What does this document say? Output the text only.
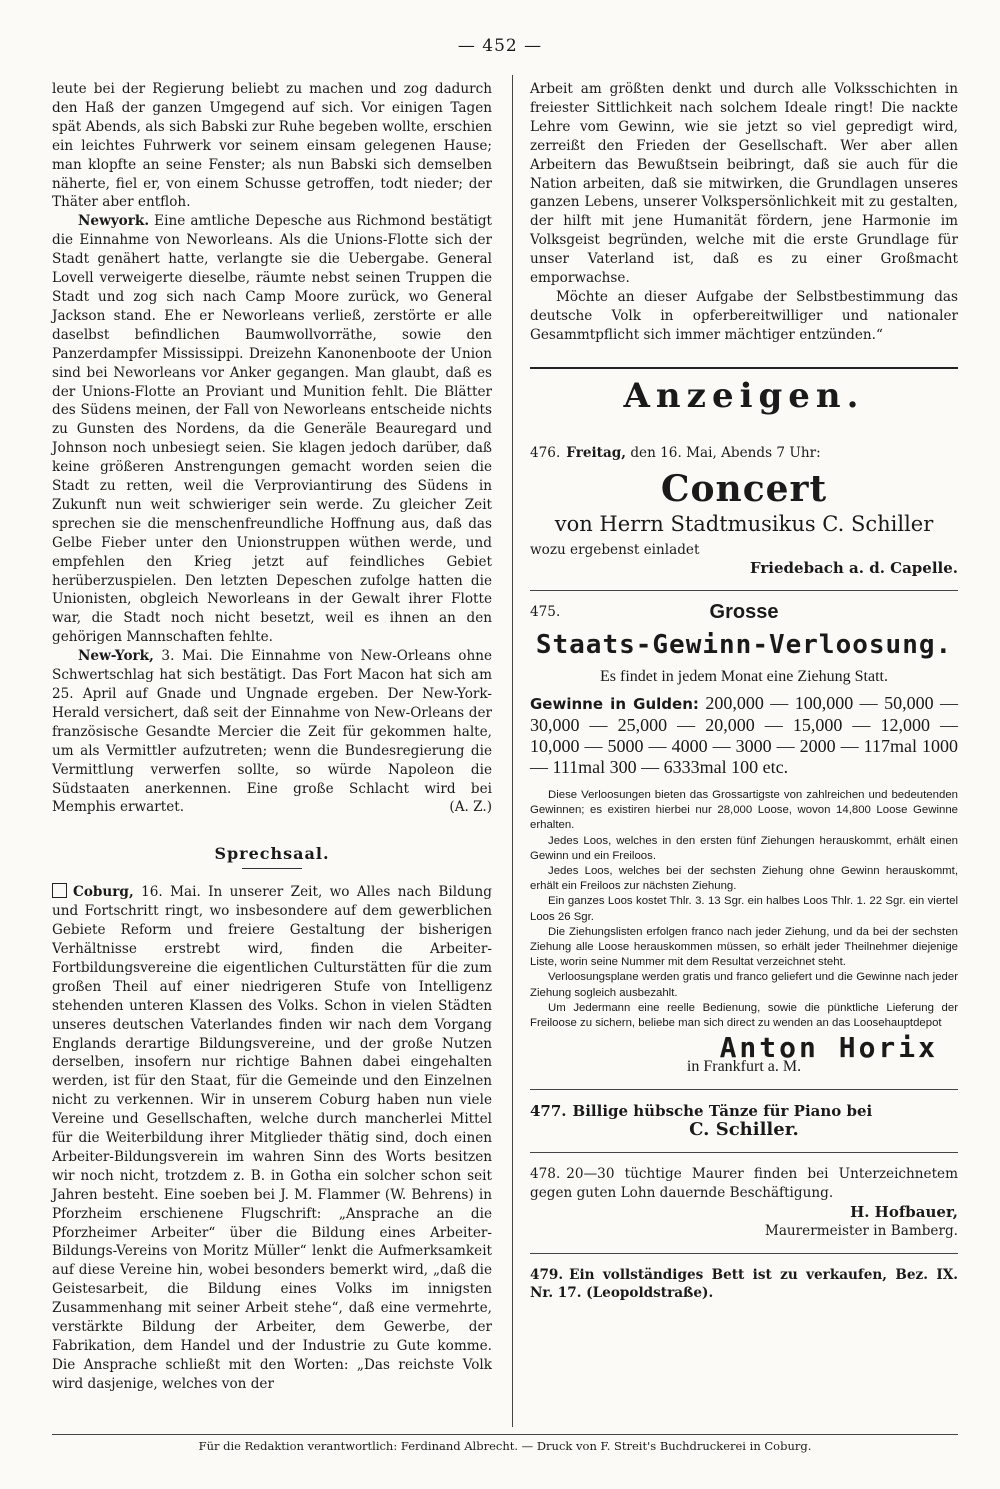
— 452 —

leute bei der Regierung beliebt zu machen und zog dadurch den Haß der ganzen Umgegend auf sich. Vor einigen Tagen spät Abends, als sich Babski zur Ruhe begeben wollte, erschien ein leichtes Fuhrwerk vor seinem einsam gelegenen Hause; man klopfte an seine Fenster; als nun Babski sich demselben näherte, fiel er, von einem Schusse getroffen, todt nieder; der Thäter aber entfloh.

Newyork. Eine amtliche Depesche aus Richmond bestätigt die Einnahme von Neworleans. Als die Unions-Flotte sich der Stadt genähert hatte, verlangte sie die Uebergabe. General Lovell verweigerte dieselbe, räumte nebst seinen Truppen die Stadt und zog sich nach Camp Moore zurück, wo General Jackson stand. Ehe er Neworleans verließ, zerstörte er alle daselbst befindlichen Baumwollvorräthe, sowie den Panzerdampfer Mississippi. Dreizehn Kanonenboote der Union sind bei Neworleans vor Anker gegangen. Man glaubt, daß es der Unions-Flotte an Proviant und Munition fehlt. Die Blätter des Südens meinen, der Fall von Neworleans entscheide nichts zu Gunsten des Nordens, da die Generäle Beauregard und Johnson noch unbesiegt seien. Sie klagen jedoch darüber, daß keine größeren Anstrengungen gemacht worden seien die Stadt zu retten, weil die Verproviantirung des Südens in Zukunft nun weit schwieriger sein werde. Zu gleicher Zeit sprechen sie die menschenfreundliche Hoffnung aus, daß das Gelbe Fieber unter den Unionstruppen wüthen werde, und empfehlen den Krieg jetzt auf feindliches Gebiet herüberzuspielen. Den letzten Depeschen zufolge hatten die Unionisten, obgleich Neworleans in der Gewalt ihrer Flotte war, die Stadt noch nicht besetzt, weil es ihnen an den gehörigen Mannschaften fehlte.

New-York, 3. Mai. Die Einnahme von New-Orleans ohne Schwertschlag hat sich bestätigt. Das Fort Macon hat sich am 25. April auf Gnade und Ungnade ergeben. Der New-York-Herald versichert, daß seit der Einnahme von New-Orleans der französische Gesandte Mercier die Zeit für gekommen halte, um als Vermittler aufzutreten; wenn die Bundesregierung die Vermittlung verwerfen sollte, so würde Napoleon die Südstaaten anerkennen. Eine große Schlacht wird bei Memphis erwartet.	(A. Z.)

Sprechsaal.

Coburg, 16. Mai. In unserer Zeit, wo Alles nach Bildung und Fortschritt ringt, wo insbesondere auf dem gewerblichen Gebiete Reform und freiere Gestaltung der bisherigen Verhältnisse erstrebt wird, finden die Arbeiter-Fortbildungsvereine die eigentlichen Culturstätten für die zum großen Theil auf einer niedrigeren Stufe von Intelligenz stehenden unteren Klassen des Volks. Schon in vielen Städten unseres deutschen Vaterlandes finden wir nach dem Vorgang Englands derartige Bildungsvereine, und der große Nutzen derselben, insofern nur richtige Bahnen dabei eingehalten werden, ist für den Staat, für die Gemeinde und den Einzelnen nicht zu verkennen. Wir in unserem Coburg haben nun viele Vereine und Gesellschaften, welche durch mancherlei Mittel für die Weiterbildung ihrer Mitglieder thätig sind, doch einen Arbeiter-Bildungsverein im wahren Sinn des Worts besitzen wir noch nicht, trotzdem z. B. in Gotha ein solcher schon seit Jahren besteht. Eine soeben bei J. M. Flammer (W. Behrens) in Pforzheim erschienene Flugschrift: „Ansprache an die Pforzheimer Arbeiter“ über die Bildung eines Arbeiter-Bildungs-Vereins von Moritz Müller“ lenkt die Aufmerksamkeit auf diese Vereine hin, wobei besonders bemerkt wird, „daß die Geistesarbeit, die Bildung eines Volks im innigsten Zusammenhang mit seiner Arbeit stehe“, daß eine vermehrte, verstärkte Bildung der Arbeiter, dem Gewerbe, der Fabrikation, dem Handel und der Industrie zu Gute komme. Die Ansprache schließt mit den Worten: „Das reichste Volk wird dasjenige, welches von der

Arbeit am größten denkt und durch alle Volksschichten in freiester Sittlichkeit nach solchem Ideale ringt! Die nackte Lehre vom Gewinn, wie sie jetzt so viel gepredigt wird, zerreißt den Frieden der Gesellschaft. Wer aber allen Arbeitern das Bewußtsein beibringt, daß sie auch für die Nation arbeiten, daß sie mitwirken, die Grundlagen unseres ganzen Lebens, unserer Volkspersönlichkeit mit zu gestalten, der hilft mit jene Humanität fördern, jene Harmonie im Volksgeist begründen, welche mit die erste Grundlage für unser Vaterland ist, daß es zu einer Großmacht emporwachse.

Möchte an dieser Aufgabe der Selbstbestimmung das deutsche Volk in opferbereitwilliger und nationaler Gesammtpflicht sich immer mächtiger entzünden.“

Anzeigen.

476. Freitag, den 16. Mai, Abends 7 Uhr:

Concert
von Herrn Stadtmusikus C. Schiller

wozu ergebenst einladet

Friedebach a. d. Capelle.

475.	Grosse
Staats-Gewinn-Verloosung.
Es findet in jedem Monat eine Ziehung Statt.
Gewinne in Gulden: 200,000 — 100,000 — 50,000 — 30,000 — 25,000 — 20,000 — 15,000 — 12,000 — 10,000 — 5000 — 4000 — 3000 — 2000 — 117mal 1000 — 111mal 300 — 6333mal 100 etc.

Diese Verloosungen bieten das Grossartigste von zahlreichen und bedeutenden Gewinnen; es existiren hierbei nur 28,000 Loose, wovon 14,800 Loose Gewinne erhalten.

Jedes Loos, welches in den ersten fünf Ziehungen herauskommt, erhält einen Gewinn und ein Freiloos.

Jedes Loos, welches bei der sechsten Ziehung ohne Gewinn herauskommt, erhält ein Freiloos zur nächsten Ziehung.

Ein ganzes Loos kostet Thlr. 3. 13 Sgr. ein halbes Loos Thlr. 1. 22 Sgr. ein viertel Loos 26 Sgr.

Die Ziehungslisten erfolgen franco nach jeder Ziehung, und da bei der sechsten Ziehung alle Loose herauskommen müssen, so erhält jeder Theilnehmer diejenige Liste, worin seine Nummer mit dem Resultat verzeichnet steht.

Verloosungsplane werden gratis und franco geliefert und die Gewinne nach jeder Ziehung sogleich ausbezahlt.

Um Jedermann eine reelle Bedienung, sowie die pünktliche Lieferung der Freiloose zu sichern, beliebe man sich direct zu wenden an das Loosehauptdepot

Anton Horix
in Frankfurt a. M.

477. Billige hübsche Tänze für Piano bei

C. Schiller.

478. 20—30 tüchtige Maurer finden bei Unterzeichnetem gegen guten Lohn dauernde Beschäftigung.

H. Hofbauer,
Maurermeister in Bamberg.

479. Ein vollständiges Bett ist zu verkaufen, Bez. IX. Nr. 17. (Leopoldstraße).

Für die Redaktion verantwortlich: Ferdinand Albrecht. — Druck von F. Streit's Buchdruckerei in Coburg.
